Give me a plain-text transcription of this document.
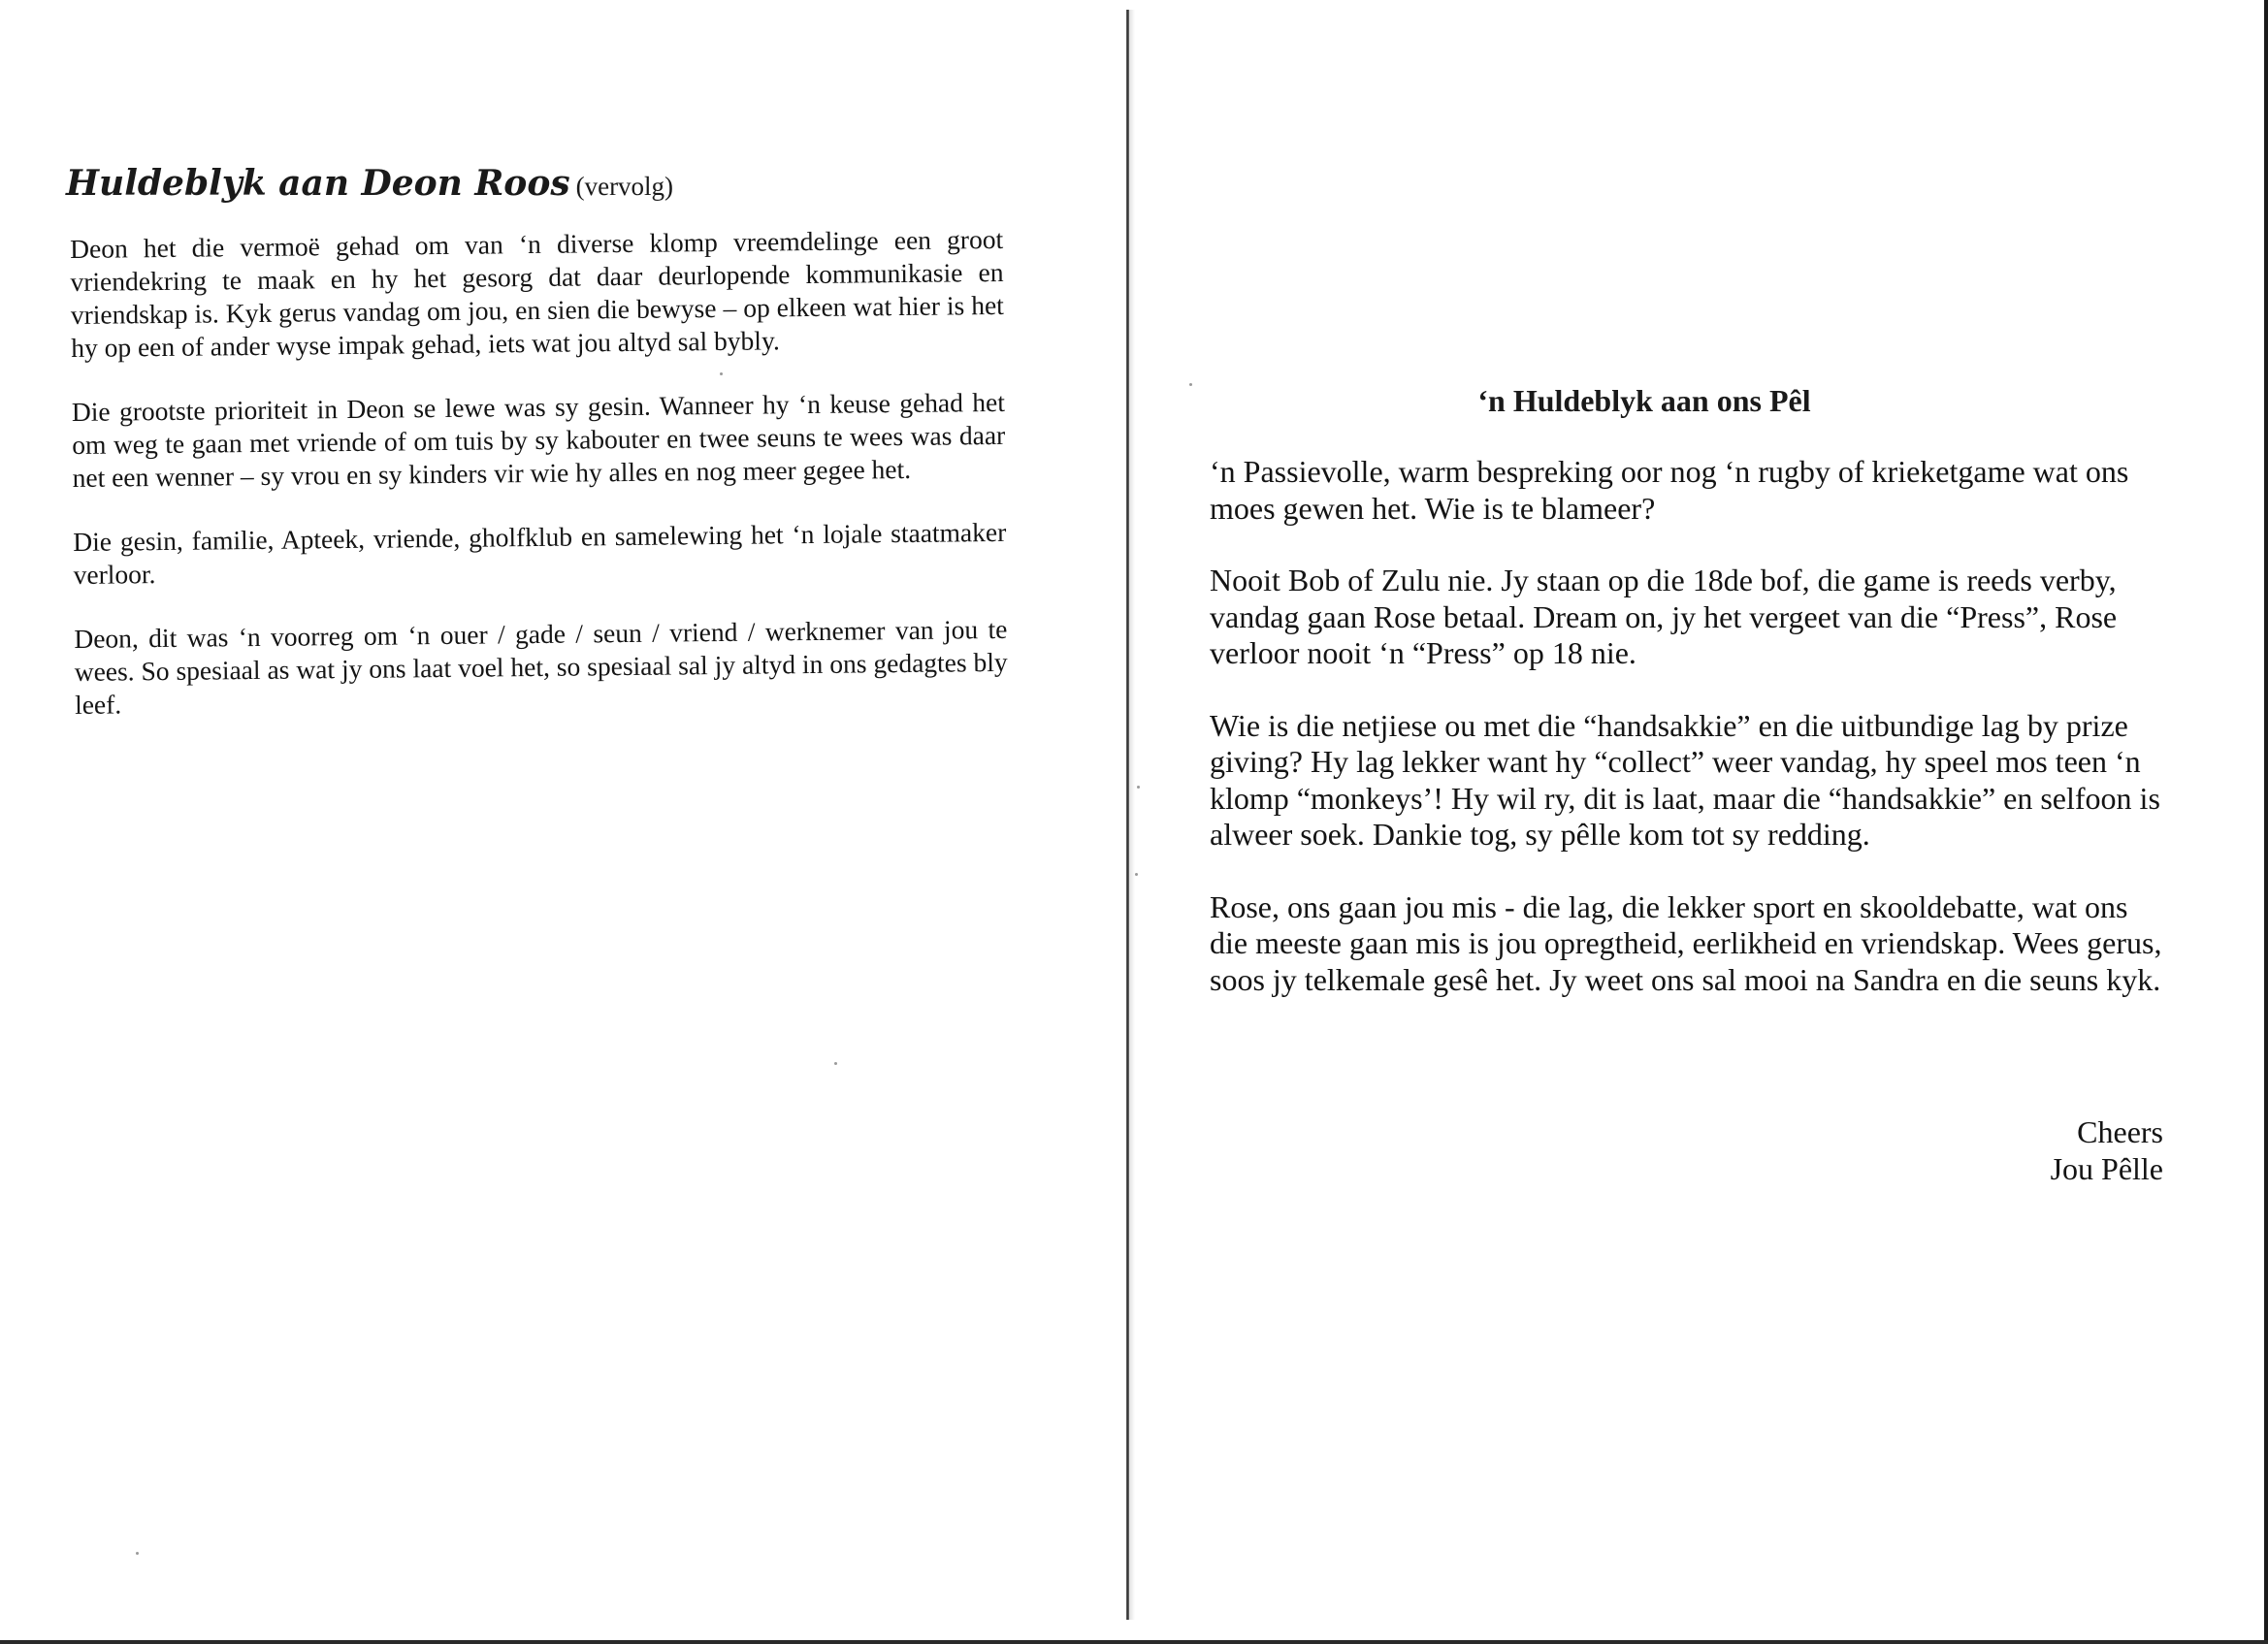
Huldeblyk aan Deon Roos (vervolg)

Deon het die vermoë gehad om van ‘n diverse klomp vreemdelinge een groot vriendekring te maak en hy het gesorg dat daar deurlopende kommunikasie en vriendskap is. Kyk gerus vandag om jou, en sien die bewyse – op elkeen wat hier is het hy op een of ander wyse impak gehad, iets wat jou altyd sal bybly.

Die grootste prioriteit in Deon se lewe was sy gesin. Wanneer hy ‘n keuse gehad het om weg te gaan met vriende of om tuis by sy kabouter en twee seuns te wees was daar net een wenner – sy vrou en sy kinders vir wie hy alles en nog meer gegee het.

Die gesin, familie, Apteek, vriende, gholfklub en samelewing het ‘n lojale staatmaker verloor.

Deon, dit was ‘n voorreg om ‘n ouer / gade / seun / vriend / werknemer van jou te wees. So spesiaal as wat jy ons laat voel het, so spesiaal sal jy altyd in ons gedagtes bly leef.

‘n Huldeblyk aan ons Pêl

‘n Passievolle, warm bespreking oor nog ‘n rugby of krieketgame wat ons moes gewen het. Wie is te blameer?

Nooit Bob of Zulu nie. Jy staan op die 18de bof, die game is reeds verby, vandag gaan Rose betaal. Dream on, jy het vergeet van die “Press”, Rose verloor nooit ‘n “Press” op 18 nie.

Wie is die netjiese ou met die “handsakkie” en die uitbundige lag by prize giving? Hy lag lekker want hy “collect” weer vandag, hy speel mos teen ‘n klomp “monkeys’! Hy wil ry, dit is laat, maar die “handsakkie” en selfoon is alweer soek. Dankie tog, sy pêlle kom tot sy redding.

Rose, ons gaan jou mis - die lag, die lekker sport en skooldebatte, wat ons die meeste gaan mis is jou opregtheid, eerlikheid en vriendskap. Wees gerus, soos jy telkemale gesê het. Jy weet ons sal mooi na Sandra en die seuns kyk.

Cheers
Jou Pêlle
